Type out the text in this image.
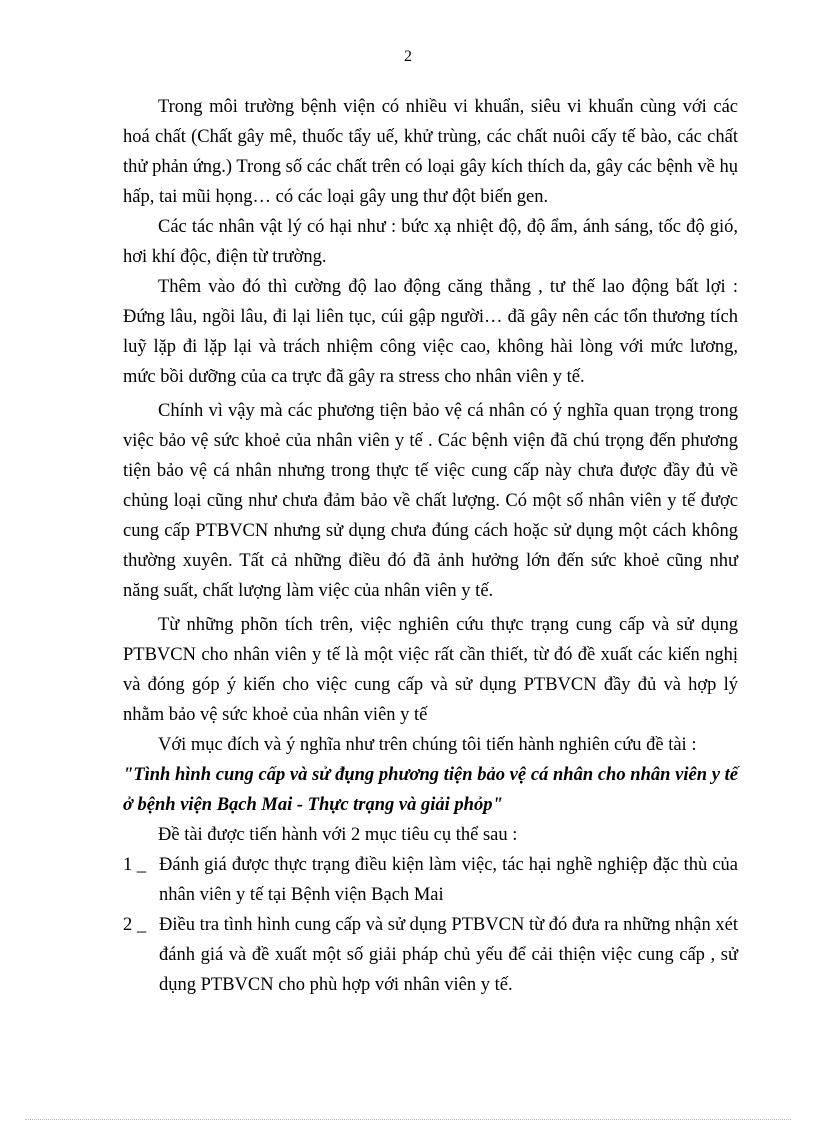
2

Trong môi trường bệnh viện có nhiều vi khuẩn, siêu vi khuẩn cùng với các hoá chất (Chất gây mê, thuốc tẩy uế, khử trùng, các chất nuôi cấy tế bào, các chất thử phản ứng.) Trong số các chất trên có loại gây kích thích da, gây các bệnh về hụ hấp, tai mũi họng… có các loại gây ung thư đột biến gen.

Các tác nhân vật lý có hại như : bức xạ nhiệt độ, độ ẩm, ánh sáng, tốc độ gió, hơi khí độc, điện từ trường.

Thêm vào đó thì cường độ lao động căng thẳng , tư thế lao động bất lợi : Đứng lâu, ngồi lâu, đi lại liên tục, cúi gập người… đã gây nên các tổn thương tích luỹ lặp đi lặp lại và trách nhiệm công việc cao, không hài lòng với mức lương, mức bồi dưỡng của ca trực đã gây ra stress cho nhân viên y tế.

Chính vì vậy mà các phương tiện bảo vệ cá nhân có ý nghĩa quan trọng trong việc bảo vệ sức khoẻ của nhân viên y tế . Các bệnh viện đã chú trọng đến phương tiện bảo vệ cá nhân nhưng trong thực tế việc cung cấp này chưa được đầy đủ về chủng loại cũng như chưa đảm bảo về chất lượng. Có một số nhân viên y tế được cung cấp PTBVCN nhưng sử dụng chưa đúng cách hoặc sử dụng một cách không thường xuyên. Tất cả những điều đó đã ảnh hưởng lớn đến sức khoẻ cũng như năng suất, chất lượng làm việc của nhân viên y tế.

Từ những phõn tích trên, việc nghiên cứu thực trạng cung cấp và sử dụng PTBVCN cho nhân viên y tế là một việc rất cần thiết, từ đó đề xuất các kiến nghị và đóng góp ý kiến cho việc cung cấp và sử dụng PTBVCN đầy đủ và hợp lý nhằm bảo vệ sức khoẻ của nhân viên y tế

Với mục đích và ý nghĩa như trên chúng tôi tiến hành nghiên cứu đề tài :

"Tình hình cung cấp và sử đụng phương tiện bảo vệ cá nhân cho nhân viên y tế ở bệnh viện Bạch Mai - Thực trạng và giải phỏp"

Đề tài được tiến hành với 2 mục tiêu cụ thể sau :

1 _ Đánh giá được thực trạng điều kiện làm việc, tác hại nghề nghiệp đặc thù của nhân viên y tế tại Bệnh viện Bạch Mai
2 _ Điều tra tình hình cung cấp và sử dụng PTBVCN từ đó đưa ra những nhận xét đánh giá và đề xuất một số giải pháp chủ yếu để cải thiện việc cung cấp , sử dụng PTBVCN cho phù hợp với nhân viên y tế.
